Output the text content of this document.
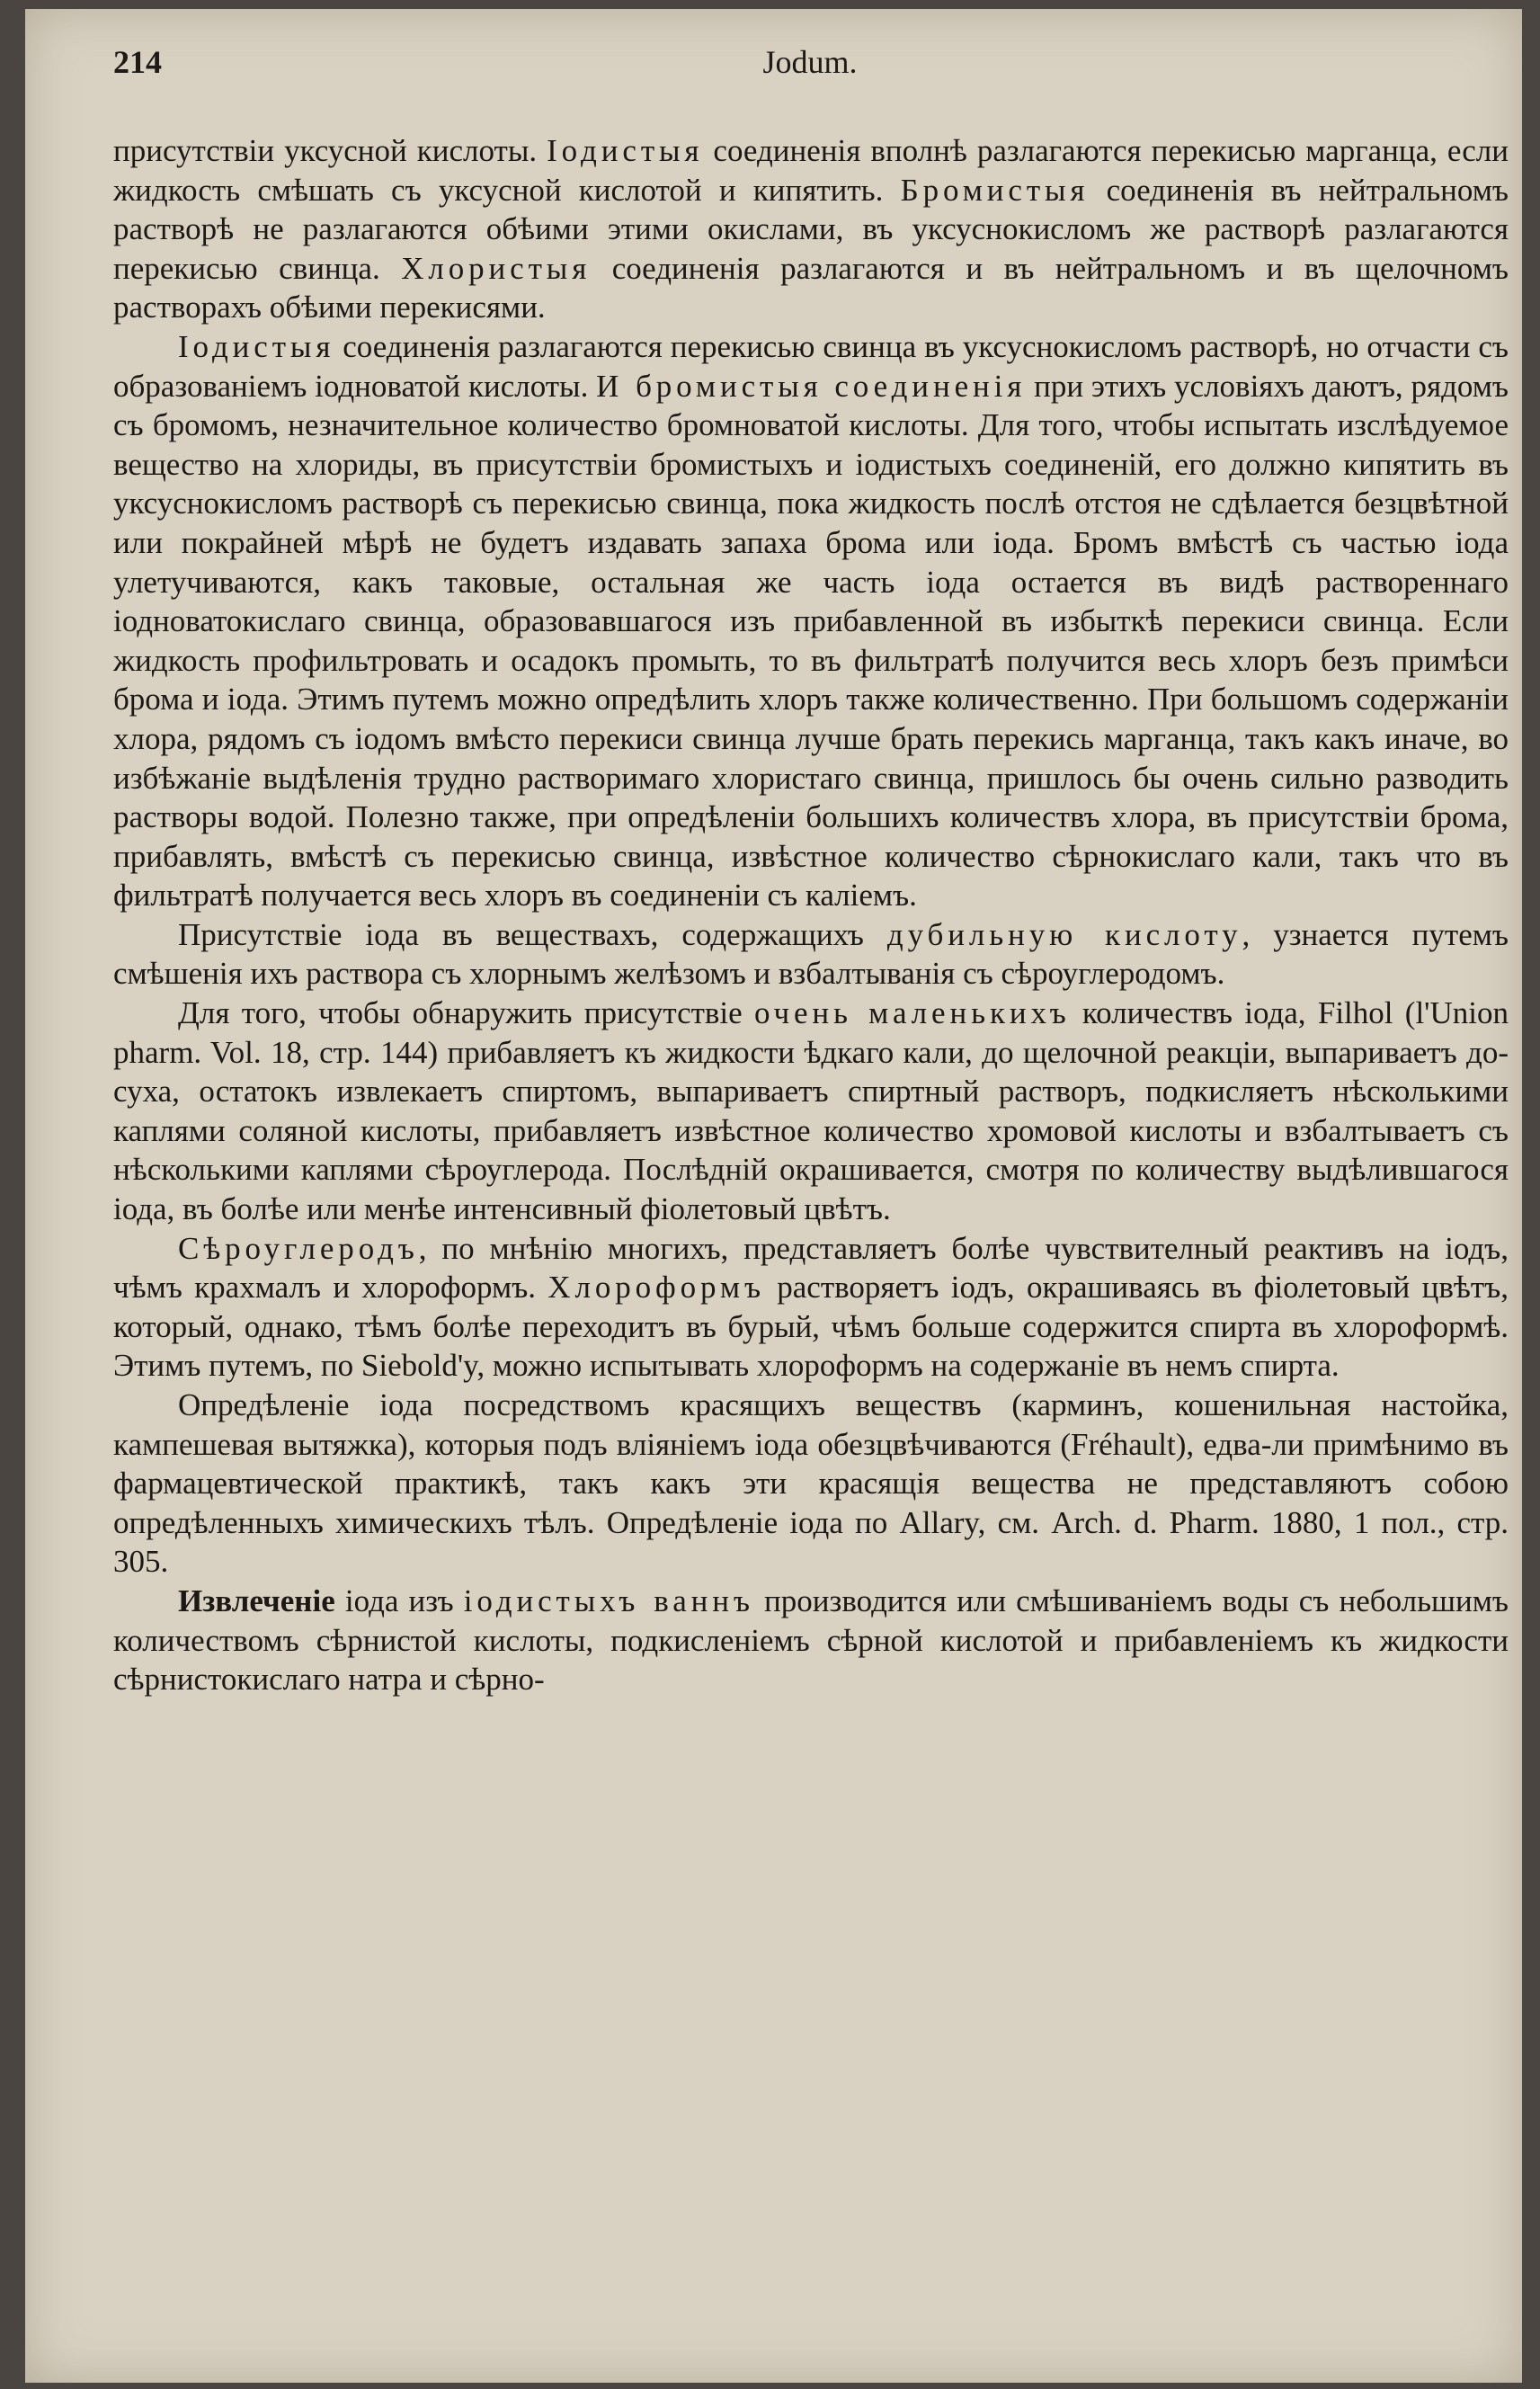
214	Jodum.

присутствіи уксусной кислоты. Іодистыя соединенія вполнѣ разлагаются перекисью марганца, если жидкость смѣшать съ уксусной кислотой и кипятить. Бромистыя соединенія въ нейтральномъ растворѣ не разлагаются обѣими этими окислами, въ уксуснокисломъ же растворѣ разлагаются перекисью свинца. Хлористыя соединенія разлагаются и въ нейтральномъ и въ щелочномъ растворахъ обѣими перекисями.

Іодистыя соединенія разлагаются перекисью свинца въ уксуснокисломъ растворѣ, но отчасти съ образованіемъ іодноватой кислоты. И бромистыя соединенія при этихъ условіяхъ даютъ, рядомъ съ бромомъ, незначительное количество бромноватой кислоты. Для того, чтобы испытать изслѣдуемое вещество на хлориды, въ присутствіи бромистыхъ и іодистыхъ соединеній, его должно кипятить въ уксуснокисломъ растворѣ съ перекисью свинца, пока жидкость послѣ отстоя не сдѣлается безцвѣтной или покрайней мѣрѣ не будетъ издавать запаха брома или іода. Бромъ вмѣстѣ съ частью іода улетучиваются, какъ таковые, остальная же часть іода остается въ видѣ раствореннаго іодноватокислаго свинца, образовавшагося изъ прибавленной въ избыткѣ перекиси свинца. Если жидкость профильтровать и осадокъ промыть, то въ фильтратѣ получится весь хлоръ безъ примѣси брома и іода. Этимъ путемъ можно опредѣлить хлоръ также количественно. При большомъ содержаніи хлора, рядомъ съ іодомъ вмѣсто перекиси свинца лучше брать перекись марганца, такъ какъ иначе, во избѣжаніе выдѣленія трудно растворимаго хлористаго свинца, пришлось бы очень сильно разводить растворы водой. Полезно также, при опредѣленіи большихъ количествъ хлора, въ присутствіи брома, прибавлять, вмѣстѣ съ перекисью свинца, извѣстное количество сѣрнокислаго кали, такъ что въ фильтратѣ получается весь хлоръ въ соединеніи съ каліемъ.

Присутствіе іода въ веществахъ, содержащихъ дубильную кислоту, узнается путемъ смѣшенія ихъ раствора съ хлорнымъ желѣзомъ и взбалтыванія съ сѣроуглеродомъ.

Для того, чтобы обнаружить присутствіе очень маленькихъ количествъ іода, Filhol (l'Union pharm. Vol. 18, стр. 144) прибавляетъ къ жидкости ѣдкаго кали, до щелочной реакціи, выпариваетъ до-суха, остатокъ извлекаетъ спиртомъ, выпариваетъ спиртный растворъ, подкисляетъ нѣсколькими каплями соляной кислоты, прибавляетъ извѣстное количество хромовой кислоты и взбалтываетъ съ нѣсколькими каплями сѣроуглерода. Послѣдній окрашивается, смотря по количеству выдѣлившагося іода, въ болѣе или менѣе интенсивный фіолетовый цвѣтъ.

Сѣроуглеродъ, по мнѣнію многихъ, представляетъ болѣе чувствителный реактивъ на іодъ, чѣмъ крахмалъ и хлороформъ. Хлороформъ растворяетъ іодъ, окрашиваясь въ фіолетовый цвѣтъ, который, однако, тѣмъ болѣе переходитъ въ бурый, чѣмъ больше содержится спирта въ хлороформѣ. Этимъ путемъ, по Siebold'y, можно испытывать хлороформъ на содержаніе въ немъ спирта.

Опредѣленіе іода посредствомъ красящихъ веществъ (карминъ, кошенильная настойка, кампешевая вытяжка), которыя подъ вліяніемъ іода обезцвѣчиваются (Fréhault), едва-ли примѣнимо въ фармацевтической практикѣ, такъ какъ эти красящія вещества не представляютъ собою опредѣленныхъ химическихъ тѣлъ. Опредѣленіе іода по Allary, см. Arch. d. Pharm. 1880, 1 пол., стр. 305.

Извлеченіе іода изъ іодистыхъ ваннъ производится или смѣшиваніемъ воды съ небольшимъ количествомъ сѣрнистой кислоты, подкисленіемъ сѣрной кислотой и прибавленіемъ къ жидкости сѣрнистокислаго натра и сѣрно-
